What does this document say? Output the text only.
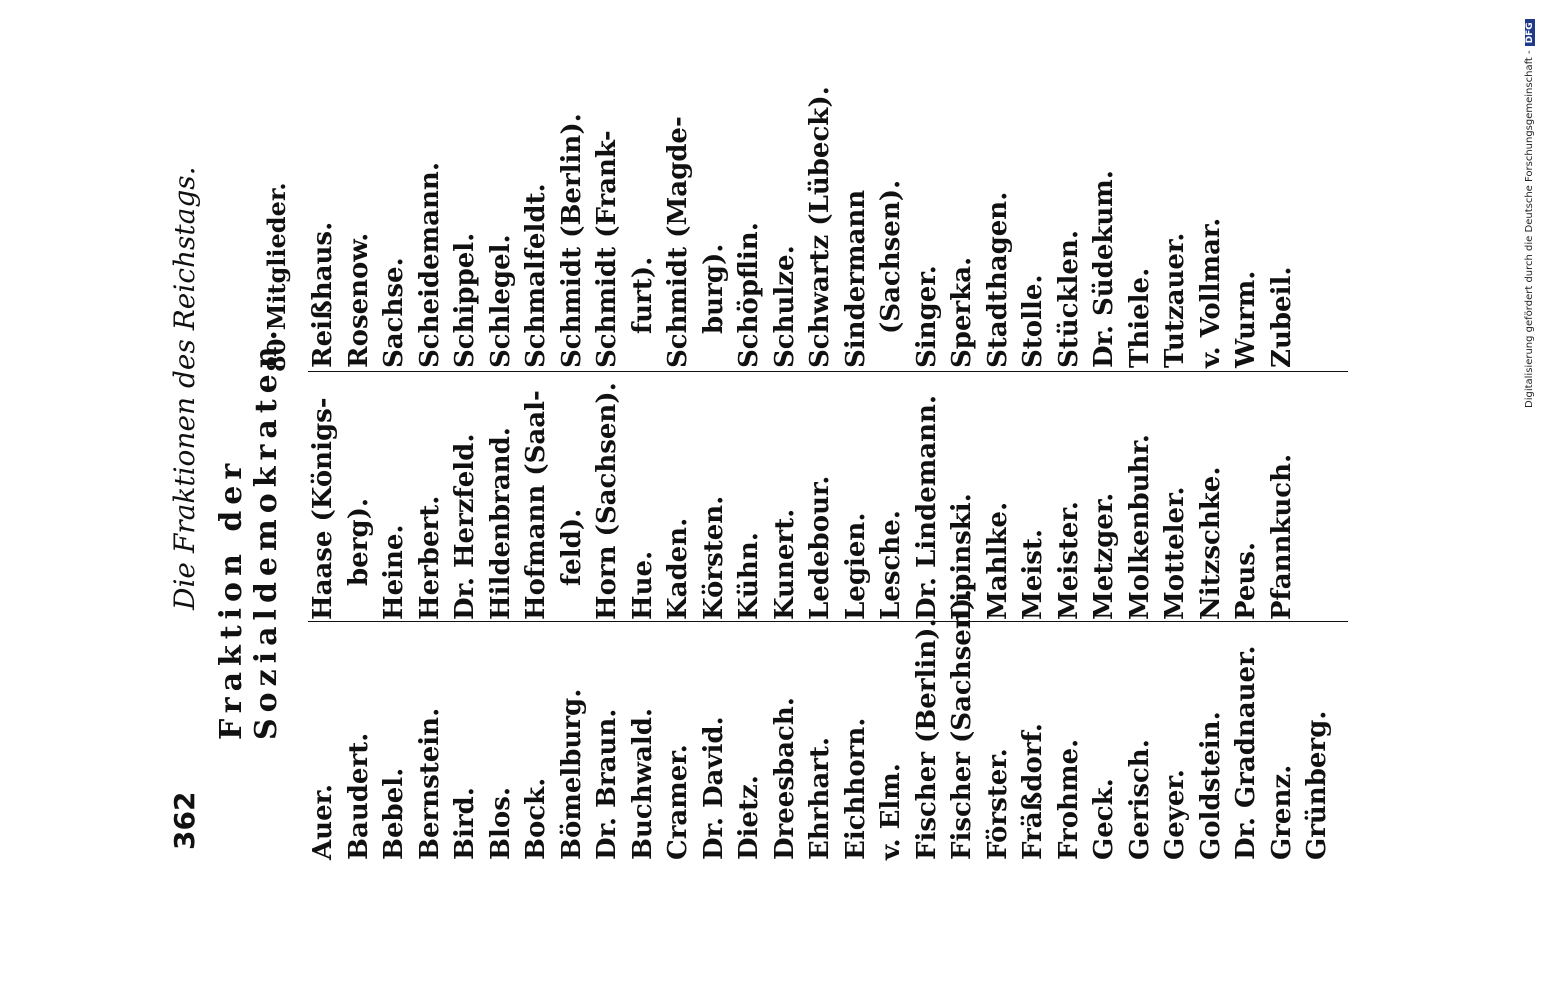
362
Die Fraktionen des Reichstags. Fraktion der Sozialdemokraten.
80 Mitglieder.
Auer. Baudert. Bebel. Bernstein. Bird. Blos. Bock. Bömelburg. Dr. Braun. Buchwald. Cramer. Dr. David. Dietz. Dreesbach. Ehrhart. Eichhorn. v. Elm. Fischer (Berlin). Fischer (Sachsen). Förster. Fräßdorf. Frohme. Geck. Gerisch. Geyer. Goldstein. Dr. Gradnauer. Grenz. Grünberg.
Haase (Königs- berg). Heine. Herbert. Dr. Herzfeld. Hildenbrand. Hofmann (Saal- feld). Horn (Sachsen). Hue. Kaden. Körsten. Kühn. Kunert. Ledebour. Legien. Lesche. Dr. Lindemann. Lipinski. Mahlke. Meist. Meister. Metzger. Molkenbuhr. Motteler. Nitzschke. Peus. Pfannkuch.
Reißhaus. Rosenow. Sachse. Scheidemann. Schippel. Schlegel. Schmalfeldt. Schmidt (Berlin). Schmidt (Frank- furt). Schmidt (Magde- burg). Schöpflin. Schulze. Schwartz (Lübeck). Sindermann (Sachsen). Singer. Sperka. Stadthagen. Stolle. Stücklen. Dr. Südekum. Thiele. Tutzauer. v. Vollmar. Wurm. Zubeil.	Digitalisierung gefördert durch die Deutsche Forschungsgemeinschaft -DFG
